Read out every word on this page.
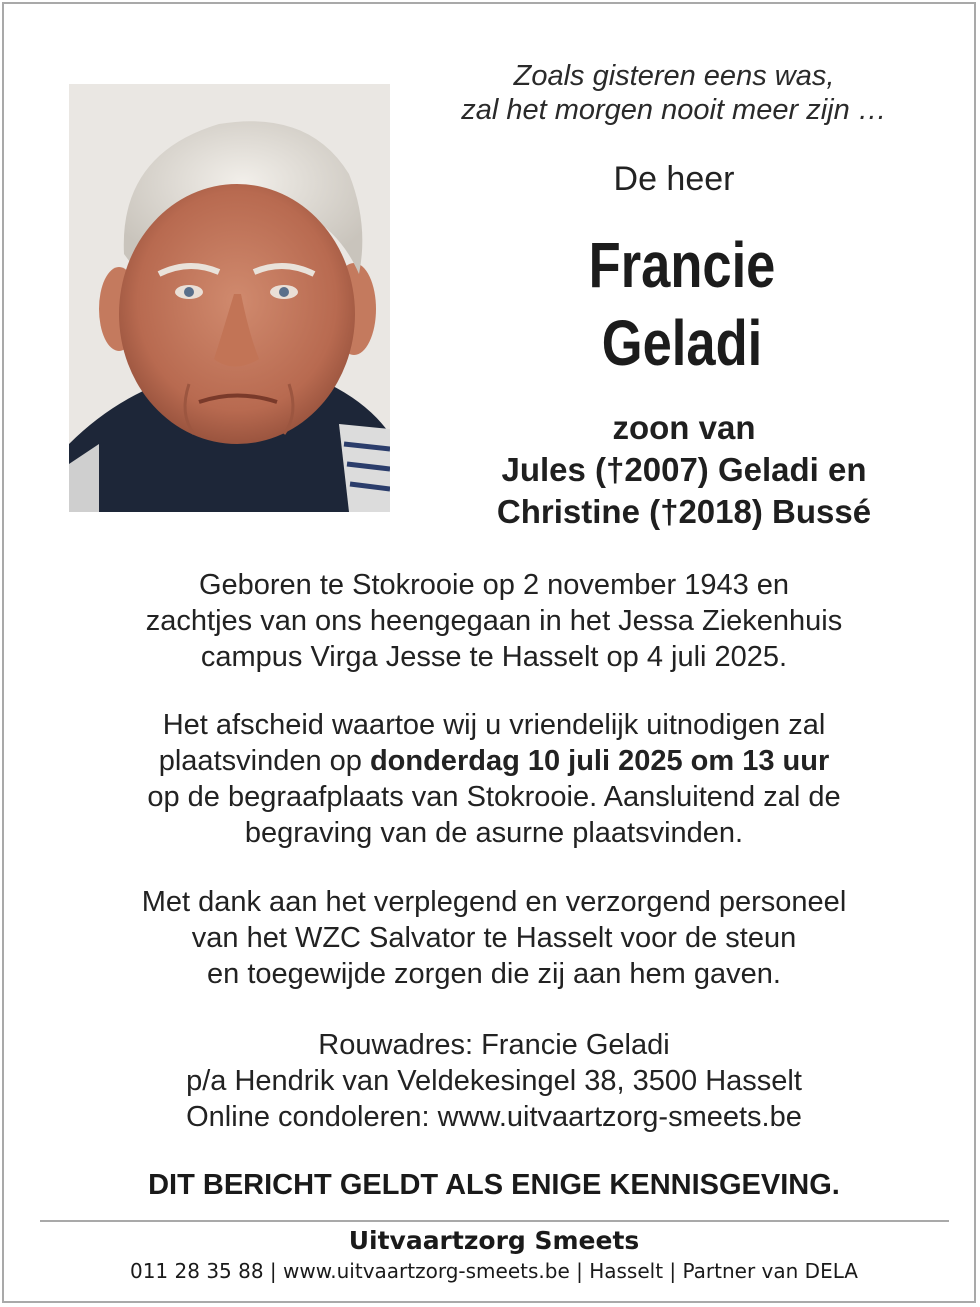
Zoals gisteren eens was,
zal het morgen nooit meer zijn …
De heer
Francie
Geladi
zoon van
Jules (†2007) Geladi en
Christine (†2018) Bussé
Geboren te Stokrooie op 2 november 1943 en
zachtjes van ons heengegaan in het Jessa Ziekenhuis
campus Virga Jesse te Hasselt op 4 juli 2025.
Het afscheid waartoe wij u vriendelijk uitnodigen zal
plaatsvinden op donderdag 10 juli 2025 om 13 uur
op de begraafplaats van Stokrooie. Aansluitend zal de
begraving van de asurne plaatsvinden.
Met dank aan het verplegend en verzorgend personeel
van het WZC Salvator te Hasselt voor de steun
en toegewijde zorgen die zij aan hem gaven.
Rouwadres: Francie Geladi
p/a Hendrik van Veldekesingel 38, 3500 Hasselt
Online condoleren: www.uitvaartzorg-smeets.be
DIT BERICHT GELDT ALS ENIGE KENNISGEVING.
Uitvaartzorg Smeets
011 28 35 88 | www.uitvaartzorg-smeets.be | Hasselt | Partner van DELA
